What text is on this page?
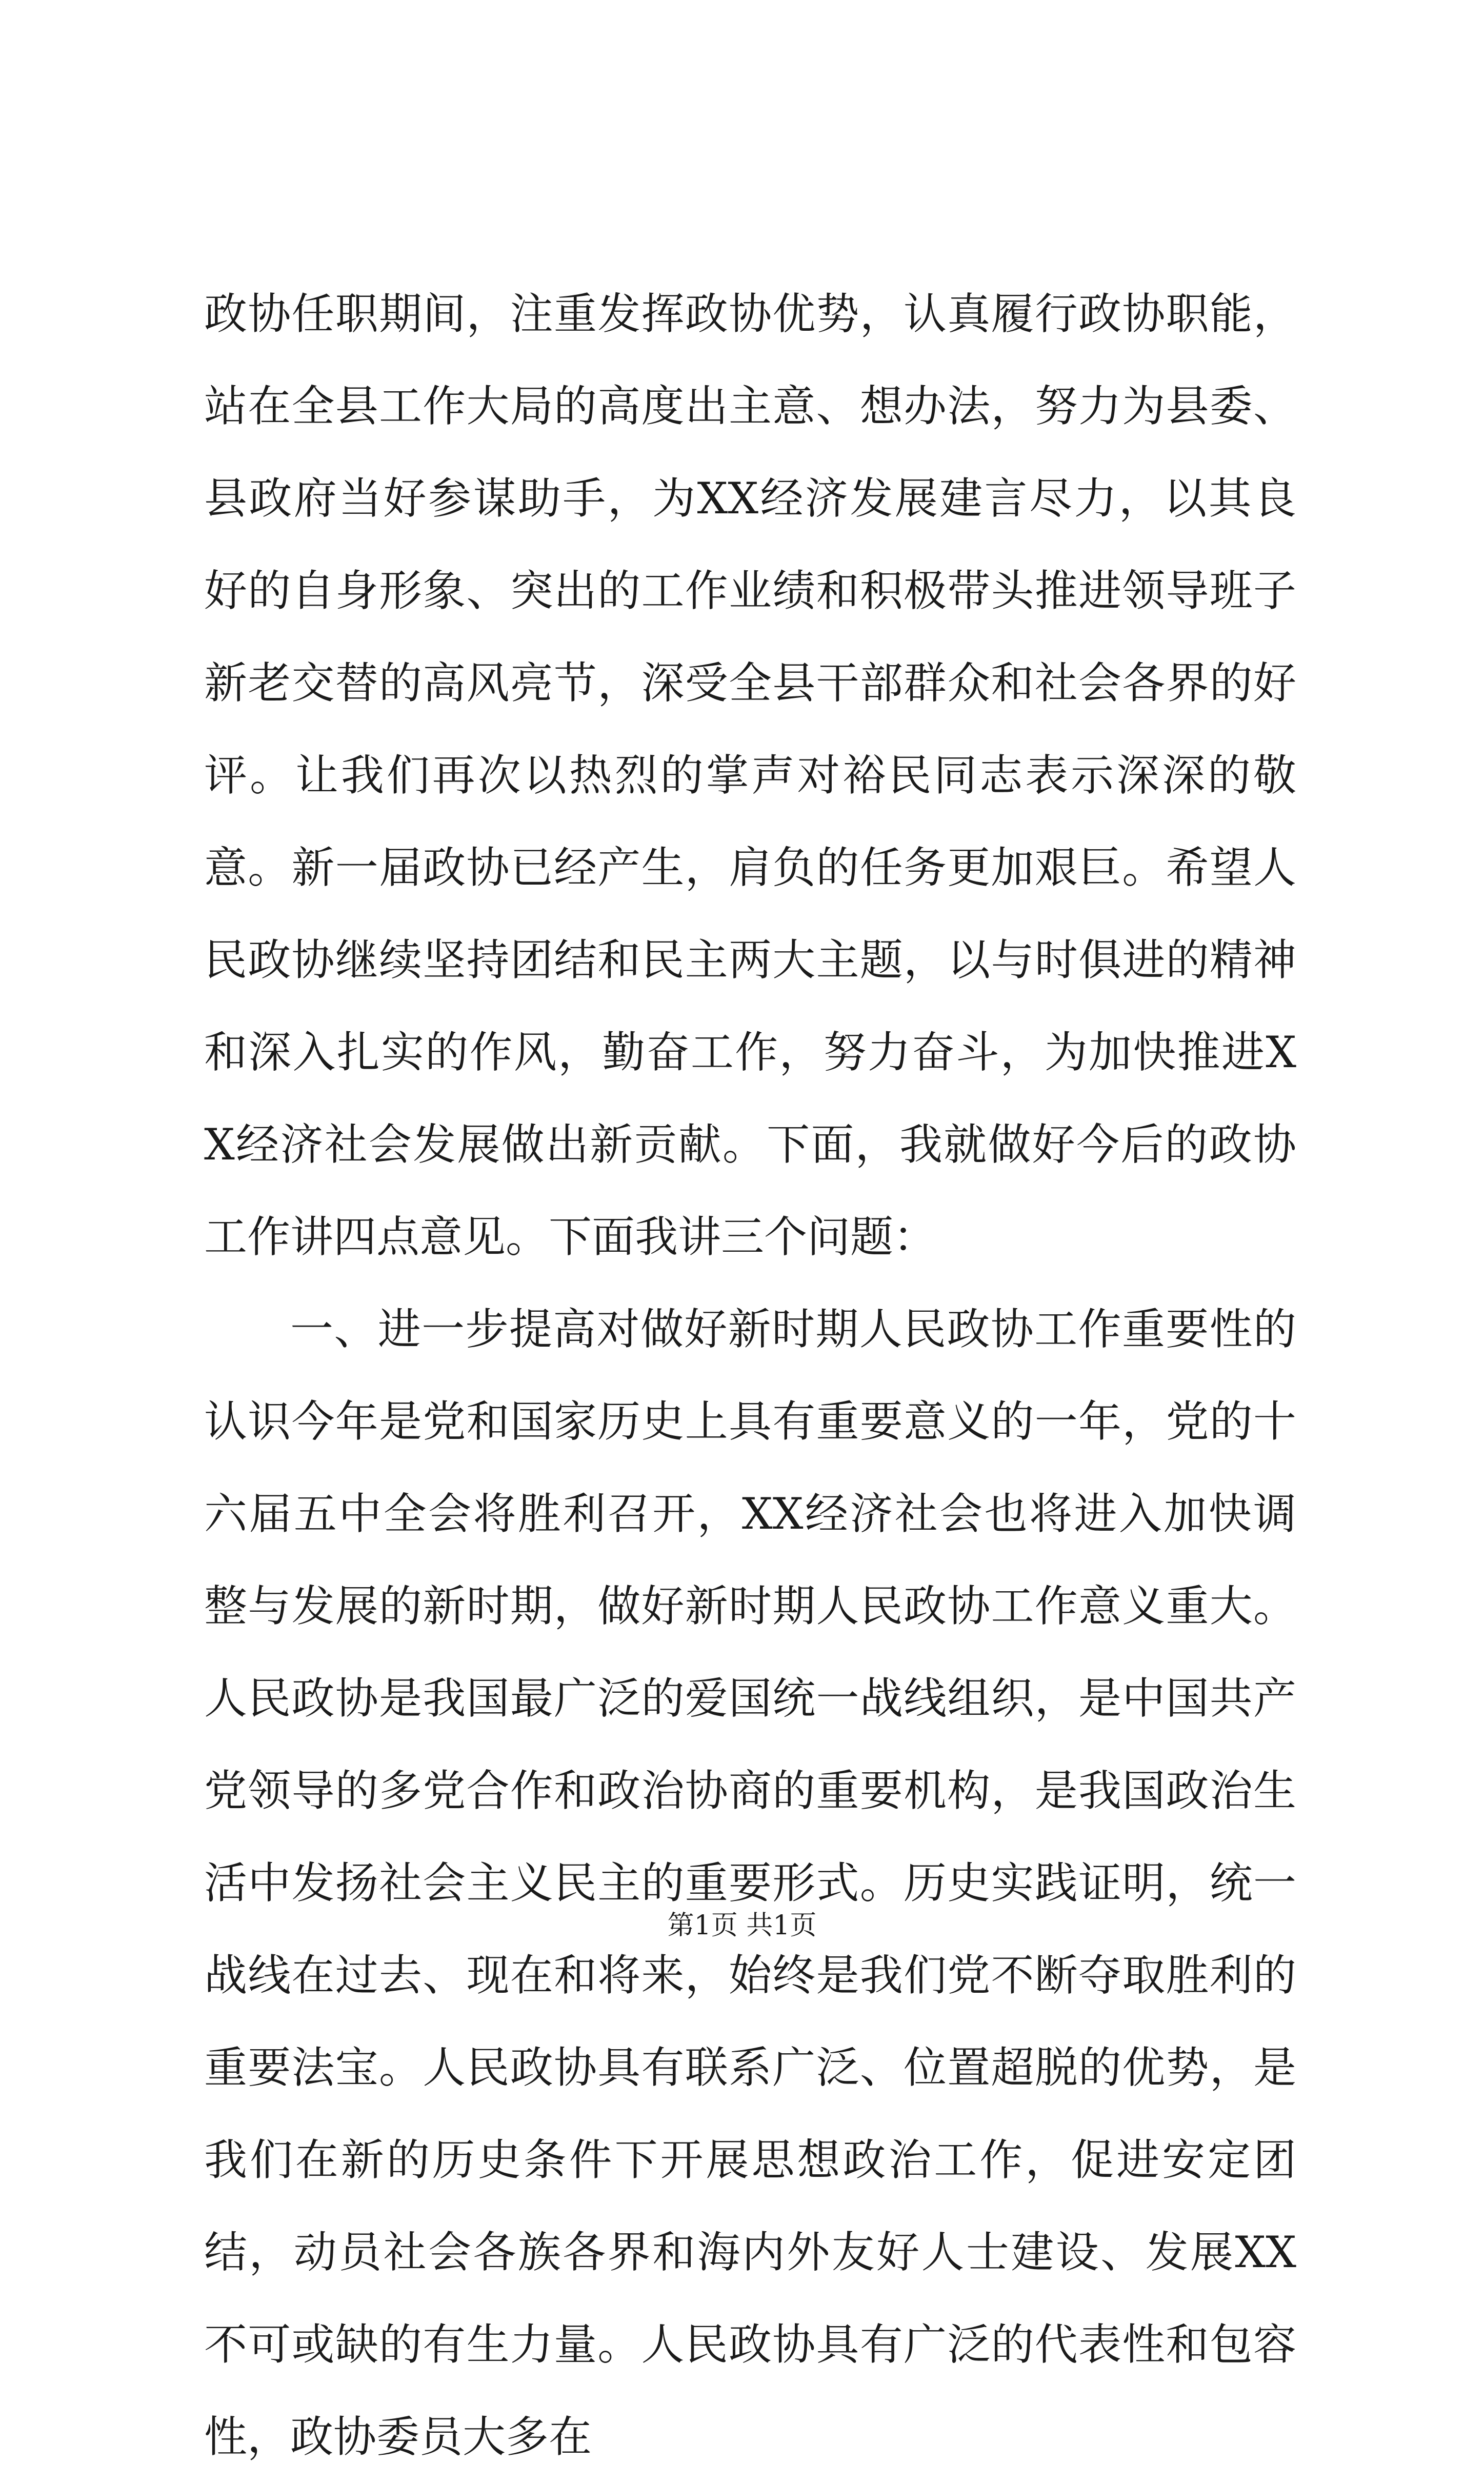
政协任职期间，注重发挥政协优势，认真履行政协职能，站在全县工作大局的高度出主意、想办法，努力为县委、县政府当好参谋助手，为XX经济发展建言尽力，以其良好的自身形象、突出的工作业绩和积极带头推进领导班子新老交替的高风亮节，深受全县干部群众和社会各界的好评。让我们再次以热烈的掌声对裕民同志表示深深的敬意。新一届政协已经产生，肩负的任务更加艰巨。希望人民政协继续坚持团结和民主两大主题，以与时俱进的精神和深入扎实的作风，勤奋工作，努力奋斗，为加快推进XX经济社会发展做出新贡献。下面，我就做好今后的政协工作讲四点意见。下面我讲三个问题：

一、进一步提高对做好新时期人民政协工作重要性的认识今年是党和国家历史上具有重要意义的一年，党的十六届五中全会将胜利召开，XX经济社会也将进入加快调整与发展的新时期，做好新时期人民政协工作意义重大。人民政协是我国最广泛的爱国统一战线组织，是中国共产党领导的多党合作和政治协商的重要机构，是我国政治生活中发扬社会主义民主的重要形式。历史实践证明，统一战线在过去、现在和将来，始终是我们党不断夺取胜利的重要法宝。人民政协具有联系广泛、位置超脱的优势，是我们在新的历史条件下开展思想政治工作，促进安定团结，动员社会各族各界和海内外友好人士建设、发展XX不可或缺的有生力量。人民政协具有广泛的代表性和包容性，政协委员大多在

第1页 共1页
